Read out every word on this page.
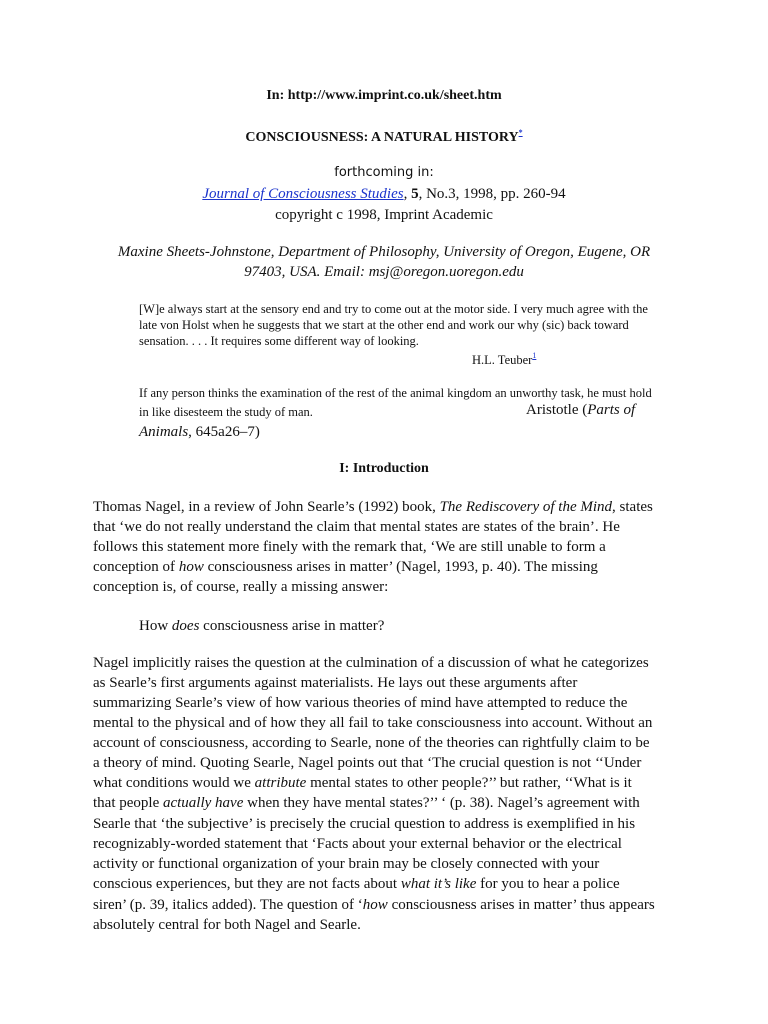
In: http://www.imprint.co.uk/sheet.htm
CONSCIOUSNESS: A NATURAL HISTORY*
forthcoming in:
Journal of Consciousness Studies, 5, No.3, 1998, pp. 260-94
copyright c 1998, Imprint Academic
Maxine Sheets-Johnstone, Department of Philosophy, University of Oregon, Eugene, OR
97403, USA. Email: msj@oregon.uoregon.edu
[W]e always start at the sensory end and try to come out at the motor side. I very much agree with the
late von Holst when he suggests that we start at the other end and work our why (sic) back toward
sensation. . . . It requires some different way of looking.
H.L. Teuber$^1$
If any person thinks the examination of the rest of the animal kingdom an unworthy task, he must hold
in like disesteem the study of man.	Aristotle (Parts of
Animals, 645a26–7)
I: Introduction
Thomas Nagel, in a review of John Searle’s (1992) book, The Rediscovery of the Mind, states
that ‘we do not really understand the claim that mental states are states of the brain’. He
follows this statement more finely with the remark that, ‘We are still unable to form a
conception of how consciousness arises in matter’ (Nagel, 1993, p. 40). The missing
conception is, of course, really a missing answer:
How does consciousness arise in matter?
Nagel implicitly raises the question at the culmination of a discussion of what he categorizes
as Searle’s first arguments against materialists. He lays out these arguments after
summarizing Searle’s view of how various theories of mind have attempted to reduce the
mental to the physical and of how they all fail to take consciousness into account. Without an
account of consciousness, according to Searle, none of the theories can rightfully claim to be
a theory of mind. Quoting Searle, Nagel points out that ‘The crucial question is not ‘‘Under
what conditions would we attribute mental states to other people?’’ but rather, ‘‘What is it
that people actually have when they have mental states?’’ ‘ (p. 38). Nagel’s agreement with
Searle that ‘the subjective’ is precisely the crucial question to address is exemplified in his
recognizably-worded statement that ‘Facts about your external behavior or the electrical
activity or functional organization of your brain may be closely connected with your
conscious experiences, but they are not facts about what it’s like for you to hear a police
siren’ (p. 39, italics added). The question of ‘how consciousness arises in matter’ thus appears
absolutely central for both Nagel and Searle.
